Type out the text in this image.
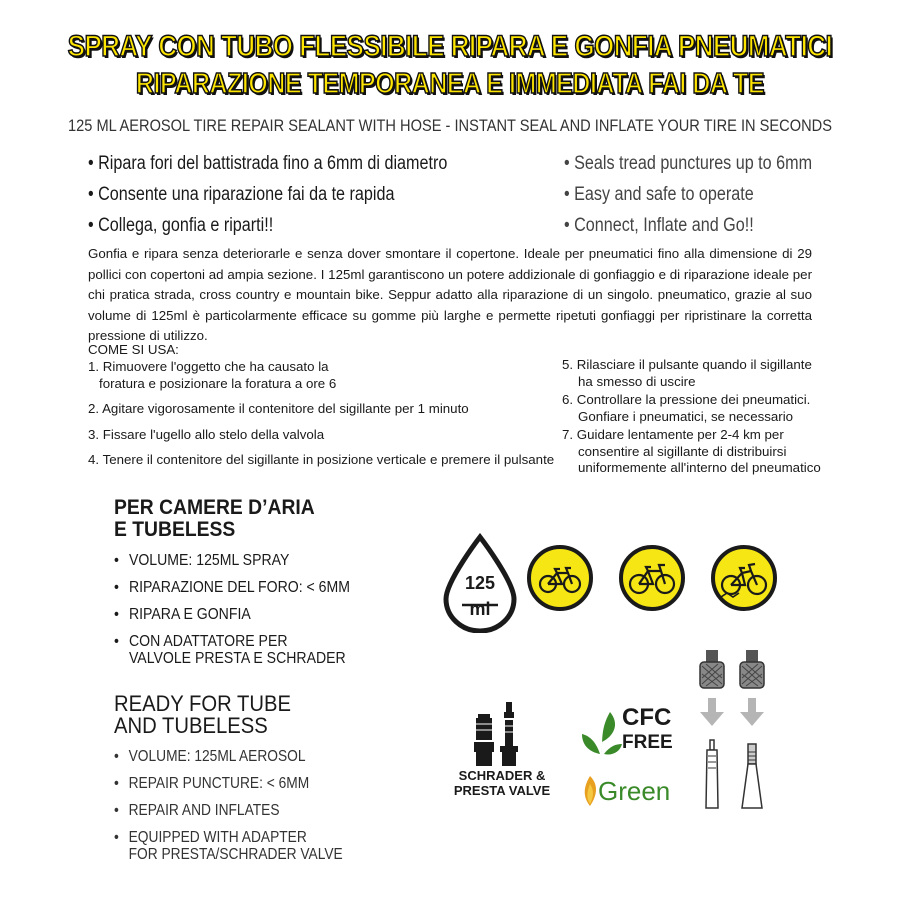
SPRAY CON TUBO FLESSIBILE RIPARA E GONFIA PNEUMATICI
RIPARAZIONE TEMPORANEA E IMMEDIATA FAI DA TE
125 ML AEROSOL TIRE REPAIR SEALANT WITH HOSE - INSTANT SEAL AND INFLATE YOUR TIRE IN SECONDS
• Ripara fori del battistrada fino a 6mm di diametro
• Consente una riparazione fai da te rapida
• Collega, gonfia e riparti!!
• Seals tread punctures up to 6mm
• Easy and safe to operate
• Connect, Inflate and Go!!
Gonfia e ripara senza deteriorarle e senza dover smontare il copertone. Ideale per pneumatici fino alla dimensione di 29 pollici con copertoni ad ampia sezione. I 125ml garantiscono un potere addizionale di gonfiaggio e di riparazione ideale per chi pratica strada, cross country e mountain bike. Seppur adatto alla riparazione di un singolo. pneumatico, grazie al suo volume di 125ml è particolarmente efficace su gomme più larghe e permette ripetuti gonfiaggi per ripristinare la corretta pressione di utilizzo.
COME SI USA:
1. Rimuovere l'oggetto che ha causato la
foratura e posizionare la foratura a ore 6
2. Agitare vigorosamente il contenitore del sigillante per 1 minuto
3. Fissare l'ugello allo stelo della valvola
4. Tenere il contenitore del sigillante in posizione verticale e premere il pulsante
5. Rilasciare il pulsante quando il sigillante
ha smesso di uscire
6. Controllare la pressione dei pneumatici.
Gonfiare i pneumatici, se necessario
7. Guidare lentamente per 2-4 km per
consentire al sigillante di distribuirsi
uniformemente all'interno del pneumatico
PER CAMERE D’ARIA
E TUBELESS
• VOLUME: 125ML SPRAY
• RIPARAZIONE DEL FORO: < 6MM
• RIPARA E GONFIA
• CON ADATTATORE PER
VALVOLE PRESTA E SCHRADER
READY FOR TUBE
AND TUBELESS
• VOLUME: 125ML AEROSOL
• REPAIR PUNCTURE: < 6MM
• REPAIR AND INFLATES
• EQUIPPED WITH ADAPTER
FOR PRESTA/SCHRADER VALVE
125
ml
SCHRADER &
PRESTA VALVE
CFC
FREE
Green
